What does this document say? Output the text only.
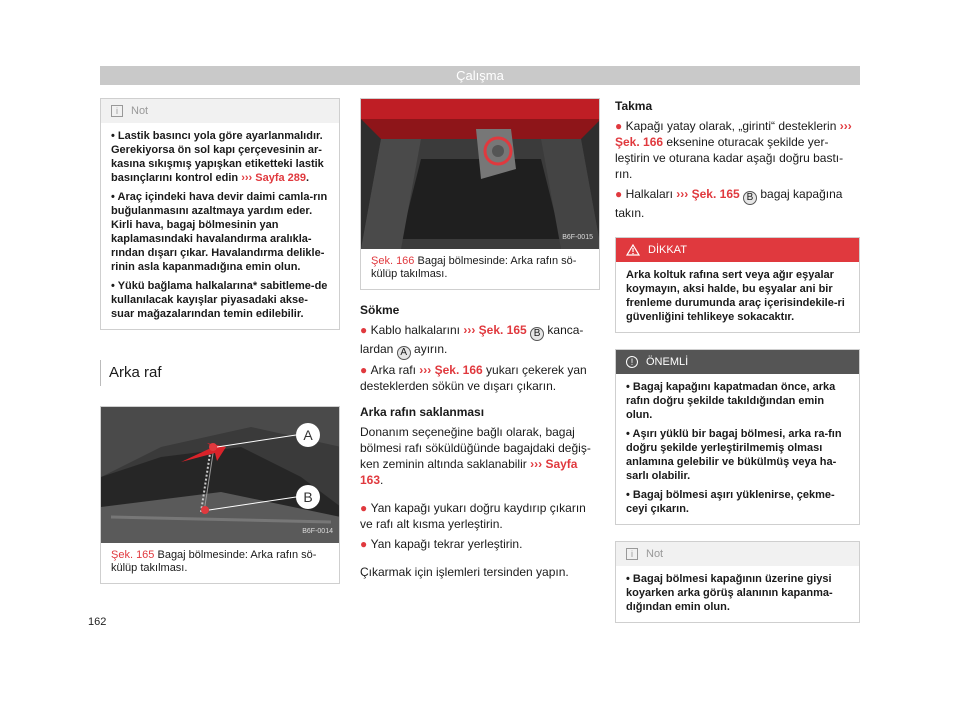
Çalışma
i	Not

• Lastik basıncı yola göre ayarlanmalıdır. Gerekiyorsa ön sol kapı çerçevesinin ar-kasına sıkışmış yapışkan etiketteki lastik basınçlarını kontrol edin ››› Sayfa 289.

• Araç içindeki hava devir daimi camla-rın buğulanmasını azaltmaya yardım eder. Kirli hava, bagaj bölmesinin yan kaplamasındaki havalandırma aralıkla-rından dışarı çıkar. Havalandırma delikle-rinin asla kapanmadığına emin olun.

• Yükü bağlama halkalarına* sabitleme-de kullanılacak kayışlar piyasadaki akse-suar mağazalarından temin edilebilir.

Arka raf
A
B
B6F-0014
Şek. 165 Bagaj bölmesinde: Arka rafın sö-külüp takılması.
B6F-0015
Şek. 166 Bagaj bölmesinde: Arka rafın sö-külüp takılması.
Sökme

● Kablo halkalarını ››› Şek. 165 B kanca-lardan A ayırın.

● Arka rafı ››› Şek. 166 yukarı çekerek yan desteklerden sökün ve dışarı çıkarın.

Arka rafın saklanması

Donanım seçeneğine bağlı olarak, bagaj bölmesi rafı söküldüğünde bagajdaki değiş-ken zeminin altında saklanabilir ››› Sayfa 163.

● Yan kapağı yukarı doğru kaydırıp çıkarın ve rafı alt kısma yerleştirin.

● Yan kapağı tekrar yerleştirin.

Çıkarmak için işlemleri tersinden yapın.

Takma

● Kapağı yatay olarak, „girinti“ desteklerin ››› Şek. 166 eksenine oturacak şekilde yer-leştirin ve oturana kadar aşağı doğru bastı-rın.

● Halkaları ››› Şek. 165 B bagaj kapağına takın.

DİKKAT

Arka koltuk rafına sert veya ağır eşyalar koymayın, aksi halde, bu eşyalar ani bir frenleme durumunda araç içerisindekile-ri güvenliğini tehlikeye sokacaktır.

!	ÖNEMLİ

• Bagaj kapağını kapatmadan önce, arka rafın doğru şekilde takıldığından emin olun.

• Aşırı yüklü bir bagaj bölmesi, arka ra-fın doğru şekilde yerleştirilmemiş olması anlamına gelebilir ve bükülmüş veya ha-sarlı olabilir.

• Bagaj bölmesi aşırı yüklenirse, çekme-ceyi çıkarın.

i	Not

• Bagaj bölmesi kapağının üzerine giysi koyarken arka görüş alanının kapanma-dığından emin olun.

162
